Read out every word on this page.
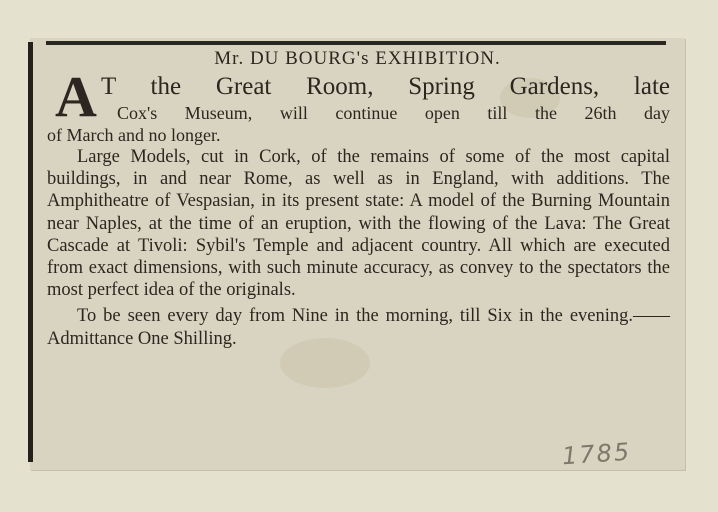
Mr. DU BOURG's EXHIBITION.

A T the Great Room, Spring Gardens, late

Cox's Museum, will continue open till the 26th day

of March and no longer.

Large Models, cut in Cork, of the remains of some of the most capital buildings, in and near Rome, as well as in England, with additions. The Amphitheatre of Vespasian, in its present state: A model of the Burning Mountain near Naples, at the time of an eruption, with the flowing of the Lava: The Great Cascade at Tivoli: Sybil's Temple and adjacent country. All which are executed from exact dimensions, with such minute accuracy, as convey to the spectators the most perfect idea of the originals.

To be seen every day from Nine in the morning, till Six in the evening.——Admittance One Shilling.

1785
